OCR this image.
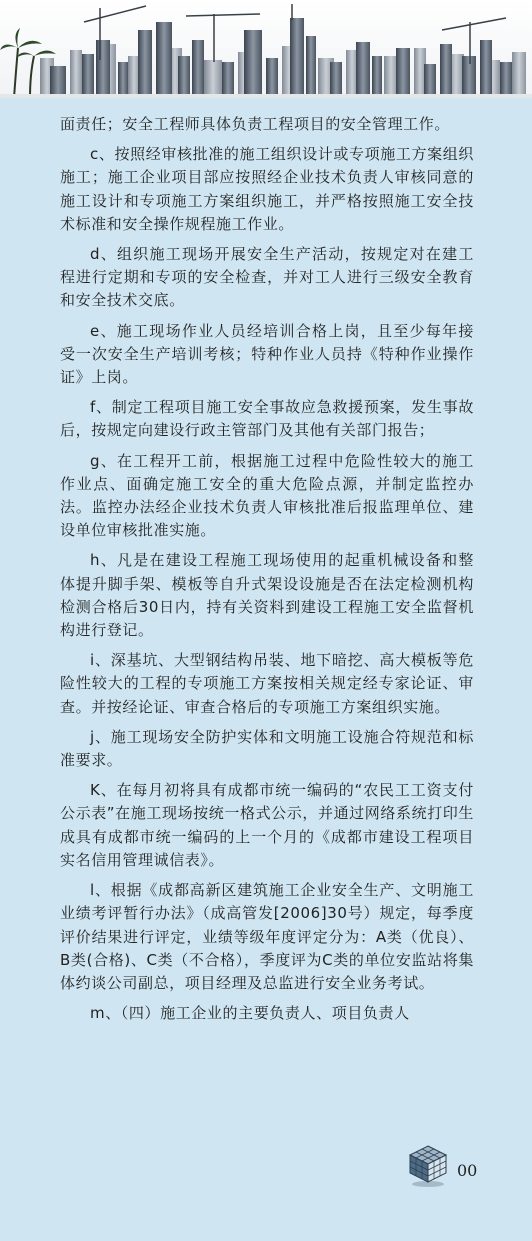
面责任；安全工程师具体负责工程项目的安全管理工作。

c、按照经审核批准的施工组织设计或专项施工方案组织施工；施工企业项目部应按照经企业技术负责人审核同意的施工设计和专项施工方案组织施工，并严格按照施工安全技术标准和安全操作规程施工作业。

d、组织施工现场开展安全生产活动，按规定对在建工程进行定期和专项的安全检查，并对工人进行三级安全教育和安全技术交底。

e、施工现场作业人员经培训合格上岗，且至少每年接受一次安全生产培训考核；特种作业人员持《特种作业操作证》上岗。

f、制定工程项目施工安全事故应急救援预案，发生事故后，按规定向建设行政主管部门及其他有关部门报告；

g、在工程开工前，根据施工过程中危险性较大的施工作业点、面确定施工安全的重大危险点源，并制定监控办法。监控办法经企业技术负责人审核批准后报监理单位、建设单位审核批准实施。

h、凡是在建设工程施工现场使用的起重机械设备和整体提升脚手架、模板等自升式架设设施是否在法定检测机构检测合格后30日内，持有关资料到建设工程施工安全监督机构进行登记。

i、深基坑、大型钢结构吊装、地下暗挖、高大模板等危险性较大的工程的专项施工方案按相关规定经专家论证、审查。并按经论证、审查合格后的专项施工方案组织实施。

j、施工现场安全防护实体和文明施工设施合符规范和标准要求。

K、在每月初将具有成都市统一编码的“农民工工资支付公示表”在施工现场按统一格式公示，并通过网络系统打印生成具有成都市统一编码的上一个月的《成都市建设工程项目实名信用管理诚信表》。

l、根据《成都高新区建筑施工企业安全生产、文明施工业绩考评暂行办法》（成高管发[2006]30号）规定，每季度评价结果进行评定，业绩等级年度评定分为：A类（优良）、B类(合格)、C类（不合格），季度评为C类的单位安监站将集体约谈公司副总，项目经理及总监进行安全业务考试。

m、（四）施工企业的主要负责人、项目负责人

00
